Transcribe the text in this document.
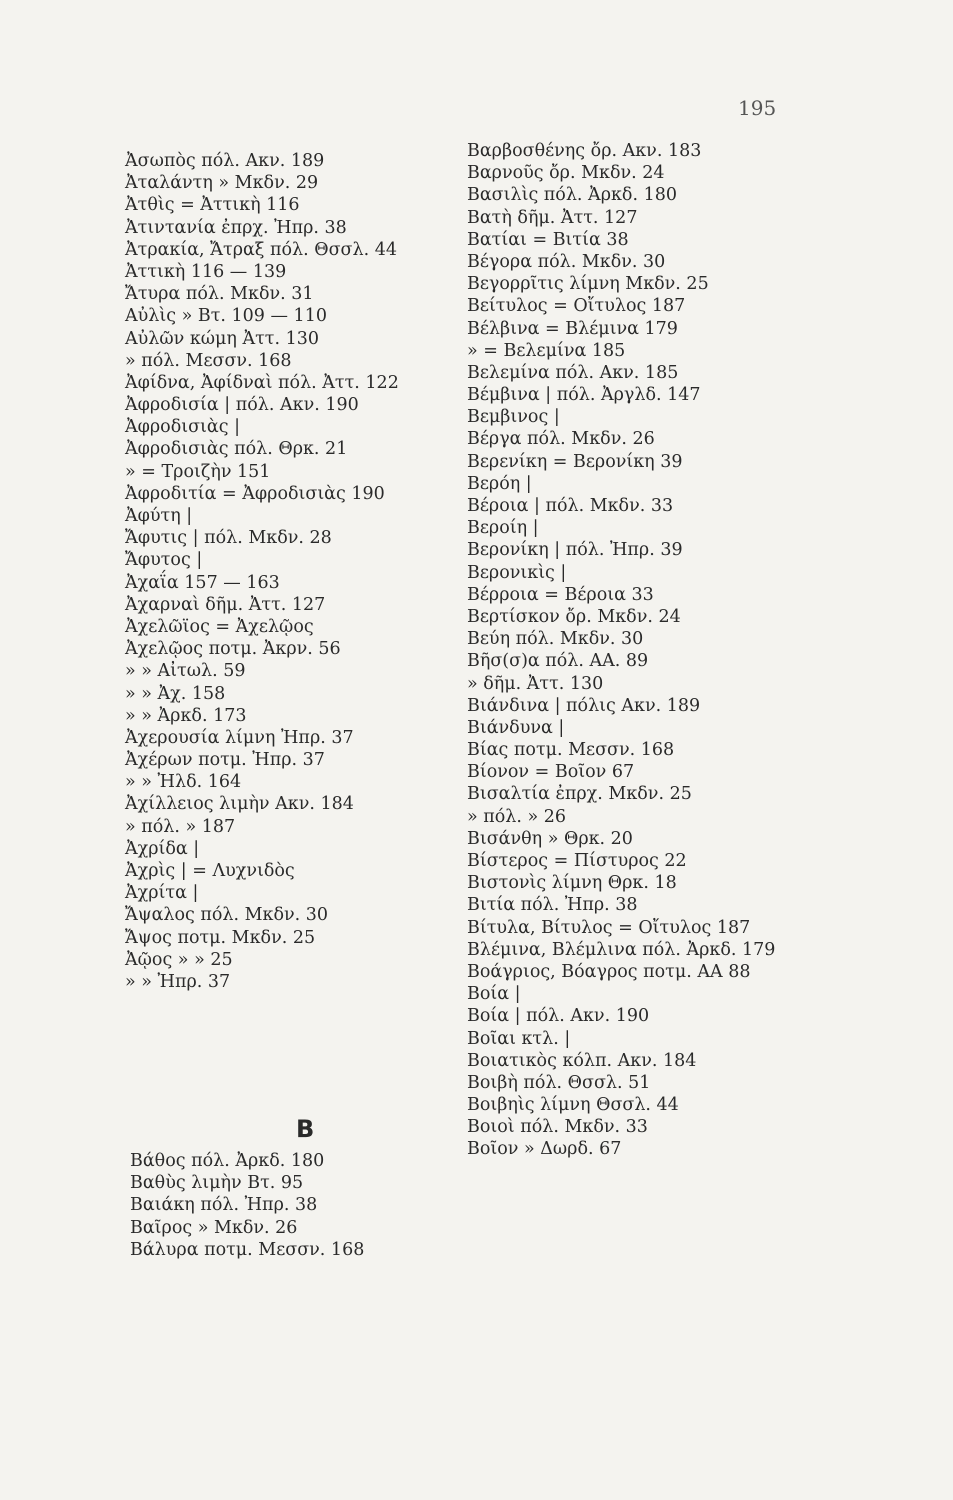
195
Ἀσωπὸς πόλ. Ακν. 189
Ἀταλάντη » Μκδν. 29
Ἀτθὶς = Ἀττικὴ 116
Ἀτιντανία ἐπρχ. Ἠπρ. 38
Ἀτρακία, Ἄτραξ πόλ. Θσσλ. 44
Ἀττικὴ 116 — 139
Ἄτυρα πόλ. Μκδν. 31
Αὐλὶς » Βτ. 109 — 110
Αὐλῶν κώμη Ἀττ. 130
» πόλ. Μεσσν. 168
Ἀφίδνα, Ἀφίδναὶ πόλ. Ἀττ. 122
Ἀφροδισία | πόλ. Ακν. 190
Ἀφροδισιὰς |
Ἀφροδισιὰς πόλ. Θρκ. 21
» = Τροιζὴν 151
Ἀφροδιτία = Ἀφροδισιὰς 190
Ἀφύτη |
Ἄφυτις | πόλ. Μκδν. 28
Ἄφυτος |
Ἀχαΐα 157 — 163
Ἀχαρναὶ δῆμ. Ἀττ. 127
Ἀχελῶϊος = Ἀχελῷος
Ἀχελῷος ποτμ. Ἀκρν. 56
» » Αἰτωλ. 59
» » Ἀχ. 158
» » Ἀρκδ. 173
Ἀχερουσία λίμνη Ἠπρ. 37
Ἀχέρων ποτμ. Ἠπρ. 37
» » Ἠλδ. 164
Ἀχίλλειος λιμὴν Ακν. 184
» πόλ. » 187
Ἀχρίδα |
Ἀχρὶς | = Λυχνιδὸς
Ἀχρίτα |
Ἄψαλος πόλ. Μκδν. 30
Ἄψος ποτμ. Μκδν. 25
Ἀῷος » » 25
» » Ἠπρ. 37
Β
Βάθος πόλ. Ἀρκδ. 180
Βαθὺς λιμὴν Βτ. 95
Βαιάκη πόλ. Ἠπρ. 38
Βαῖρος » Μκδν. 26
Βάλυρα ποτμ. Μεσσν. 168
Βαρβοσθένης ὄρ. Ακν. 183
Βαρνοῦς ὄρ. Μκδν. 24
Βασιλὶς πόλ. Ἀρκδ. 180
Βατὴ δῆμ. Ἀττ. 127
Βατίαι = Βιτία 38
Βέγορα πόλ. Μκδν. 30
Βεγορρῖτις λίμνη Μκδν. 25
Βείτυλος = Οἴτυλος 187
Βέλβινα = Βλέμινα 179
» = Βελεμίνα 185
Βελεμίνα πόλ. Ακν. 185
Βέμβινα | πόλ. Ἀργλδ. 147
Βεμβινος |
Βέργα πόλ. Μκδν. 26
Βερενίκη = Βερονίκη 39
Βερόη |
Βέροια | πόλ. Μκδν. 33
Βεροίη |
Βερονίκη | πόλ. Ἠπρ. 39
Βερονικὶς |
Βέρροια = Βέροια 33
Βερτίσκον ὄρ. Μκδν. 24
Βεύη πόλ. Μκδν. 30
Βῆσ(σ)α πόλ. ΑΑ. 89
» δῆμ. Ἀττ. 130
Βιάνδινα | πόλις Ακν. 189
Βιάνδυνα |
Βίας ποτμ. Μεσσν. 168
Βίονον = Βοῖον 67
Βισαλτία ἐπρχ. Μκδν. 25
» πόλ. » 26
Βισάνθη » Θρκ. 20
Βίστερος = Πίστυρος 22
Βιστονὶς λίμνη Θρκ. 18
Βιτία πόλ. Ἠπρ. 38
Βίτυλα, Βίτυλος = Οἴτυλος 187
Βλέμινα, Βλέμλινα πόλ. Ἀρκδ. 179
Βοάγριος, Βόαγρος ποτμ. ΑΑ 88
Βοία |
Βοία | πόλ. Ακν. 190
Βοῖαι κτλ. |
Βοιατικὸς κόλπ. Ακν. 184
Βοιβὴ πόλ. Θσσλ. 51
Βοιβηὶς λίμνη Θσσλ. 44
Βοιοὶ πόλ. Μκδν. 33
Βοῖον » Δωρδ. 67
